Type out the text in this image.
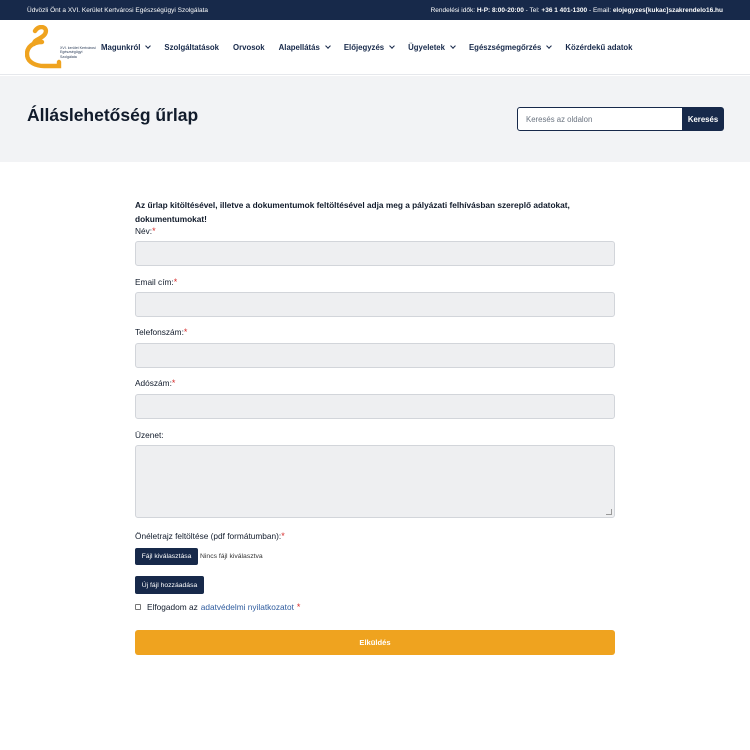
Üdvözli Önt a XVI. Kerület Kertvárosi Egészségügyi Szolgálata	Rendelési idők: H-P: 8:00-20:00 - Tel: +36 1 401-1300 - Email: elojegyzes[kukac]szakrendelo16.hu
XVI. kerület Kertvárosi Egészségügyi Szolgálata
Magunkról	Szolgáltatások Orvosok Alapellátás	Előjegyzés	Ügyeletek	Egészségmegőrzés	Közérdekű adatok
Álláslehetőség űrlap
Keresés az oldalon	Keresés
Az űrlap kitöltésével, illetve a dokumentumok feltöltésével adja meg a pályázati felhívásban szereplő adatokat, dokumentumokat!
Név:*
Email cím:*
Telefonszám:*
Adószám:*
Üzenet:
Önéletrajz feltöltése (pdf formátumban):*
Fájl kiválasztása	Nincs fájl kiválasztva
Új fájl hozzáadása
Elfogadom az adatvédelmi nyilatkozatot *
Elküldés
